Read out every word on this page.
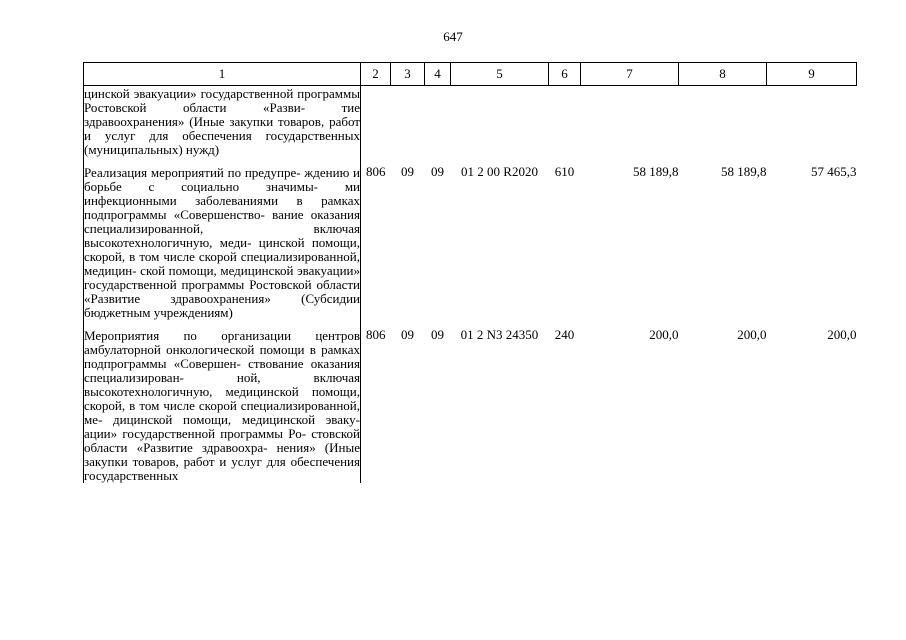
647
1	2	3	4	5	6	7	8	9

цинской эвакуации» государственной программы Ростовской области «Разви- тие здравоохранения» (Иные закупки товаров, работ и услуг для обеспечения государственных (муниципальных) нужд)								

Реализация мероприятий по предупре- ждению и борьбе с социально значимы- ми инфекционными заболеваниями в рамках подпрограммы «Совершенство- вание оказания специализированной, включая высокотехнологичную, меди- цинской помощи, скорой, в том числе скорой специализированной, медицин- ской помощи, медицинской эвакуации» государственной программы Ростовской области «Развитие здравоохранения» (Субсидии бюджетным учреждениям)	806	09	09	01 2 00 R2020	610	58 189,8	58 189,8	57 465,3

Мероприятия по организации центров амбулаторной онкологической помощи в рамках подпрограммы «Совершен- ствование оказания специализирован- ной, включая высокотехнологичную, медицинской помощи, скорой, в том числе скорой специализированной, ме- дицинской помощи, медицинской эваку- ации» государственной программы Ро- стовской области «Развитие здравоохра- нения» (Иные закупки товаров, работ и услуг для обеспечения государственных	806	09	09	01 2 N3 24350	240	200,0	200,0	200,0
